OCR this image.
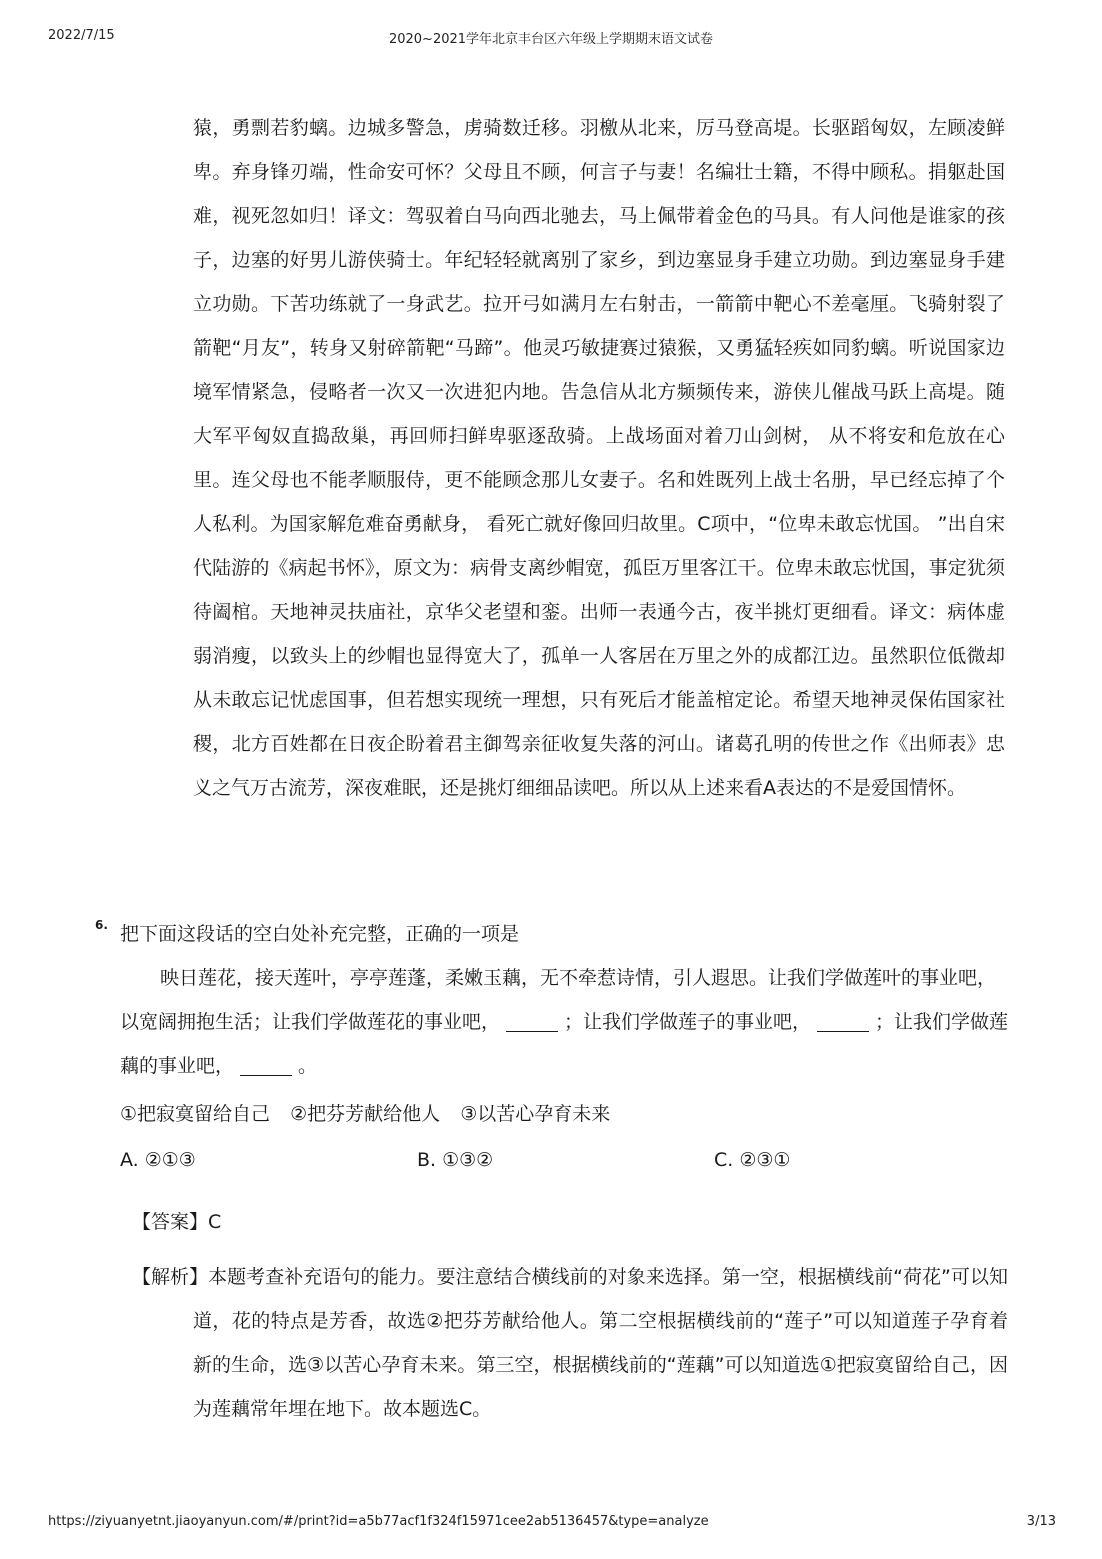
2020~2021学年北京丰台区六年级上学期期末语文试卷
2022/7/15

猿，勇剽若豹螭。边城多警急，虏骑数迁移。羽檄从北来，厉马登高堤。长驱蹈匈奴，左顾凌鲜卑。弃身锋刃端，性命安可怀？父母且不顾，何言子与妻！名编壮士籍，不得中顾私。捐躯赴国难，视死忽如归！译文：驾驭着白马向西北驰去，马上佩带着金色的马具。有人问他是谁家的孩子，边塞的好男儿游侠骑士。年纪轻轻就离别了家乡，到边塞显身手建立功勋。到边塞显身手建立功勋。下苦功练就了一身武艺。拉开弓如满月左右射击，一箭箭中靶心不差毫厘。飞骑射裂了箭靶“月友”，转身又射碎箭靶“马蹄”。他灵巧敏捷赛过猿猴，又勇猛轻疾如同豹螭。听说国家边境军情紧急，侵略者一次又一次进犯内地。告急信从北方频频传来，游侠儿催战马跃上高堤。随大军平匈奴直捣敌巢，再回师扫鲜卑驱逐敌骑。上战场面对着刀山剑树， 从不将安和危放在心里。连父母也不能孝顺服侍，更不能顾念那儿女妻子。名和姓既列上战士名册，早已经忘掉了个人私利。为国家解危难奋勇献身， 看死亡就好像回归故里。C项中，“位卑未敢忘忧国。 ”出自宋代陆游的《病起书怀》，原文为：病骨支离纱帽宽，孤臣万里客江干。位卑未敢忘忧国，事定犹须待阖棺。天地神灵扶庙社，京华父老望和銮。出师一表通今古，夜半挑灯更细看。译文：病体虚弱消瘦，以致头上的纱帽也显得宽大了，孤单一人客居在万里之外的成都江边。虽然职位低微却从未敢忘记忧虑国事，但若想实现统一理想，只有死后才能盖棺定论。希望天地神灵保佑国家社稷，北方百姓都在日夜企盼着君主御驾亲征收复失落的河山。诸葛孔明的传世之作《出师表》忠义之气万古流芳，深夜难眠，还是挑灯细细品读吧。所以从上述来看A表达的不是爱国情怀。

6. 把下面这段话的空白处补充完整，正确的一项是

映日莲花，接天莲叶，亭亭莲蓬，柔嫩玉藕，无不牵惹诗情，引人遐思。让我们学做莲叶的事业吧，以宽阔拥抱生活；让我们学做莲花的事业吧，	；让我们学做莲子的事业吧，	；让我们学做莲藕的事业吧，	。

①把寂寞留给自己 ②把芬芳献给他人 ③以苦心孕育未来
A. ②①③	B. ①③②	C. ②③①
【答案】C

【解析】本题考查补充语句的能力。要注意结合横线前的对象来选择。第一空，根据横线前“荷花”可以知道，花的特点是芳香，故选②把芬芳献给他人。第二空根据横线前的“莲子”可以知道莲子孕育着新的生命，选③以苦心孕育未来。第三空，根据横线前的“莲藕”可以知道选①把寂寞留给自己，因为莲藕常年埋在地下。故本题选C。

https://ziyuanyetnt.jiaoyanyun.com/#/print?id=a5b77acf1f324f15971cee2ab5136457&type=analyze	3/13
